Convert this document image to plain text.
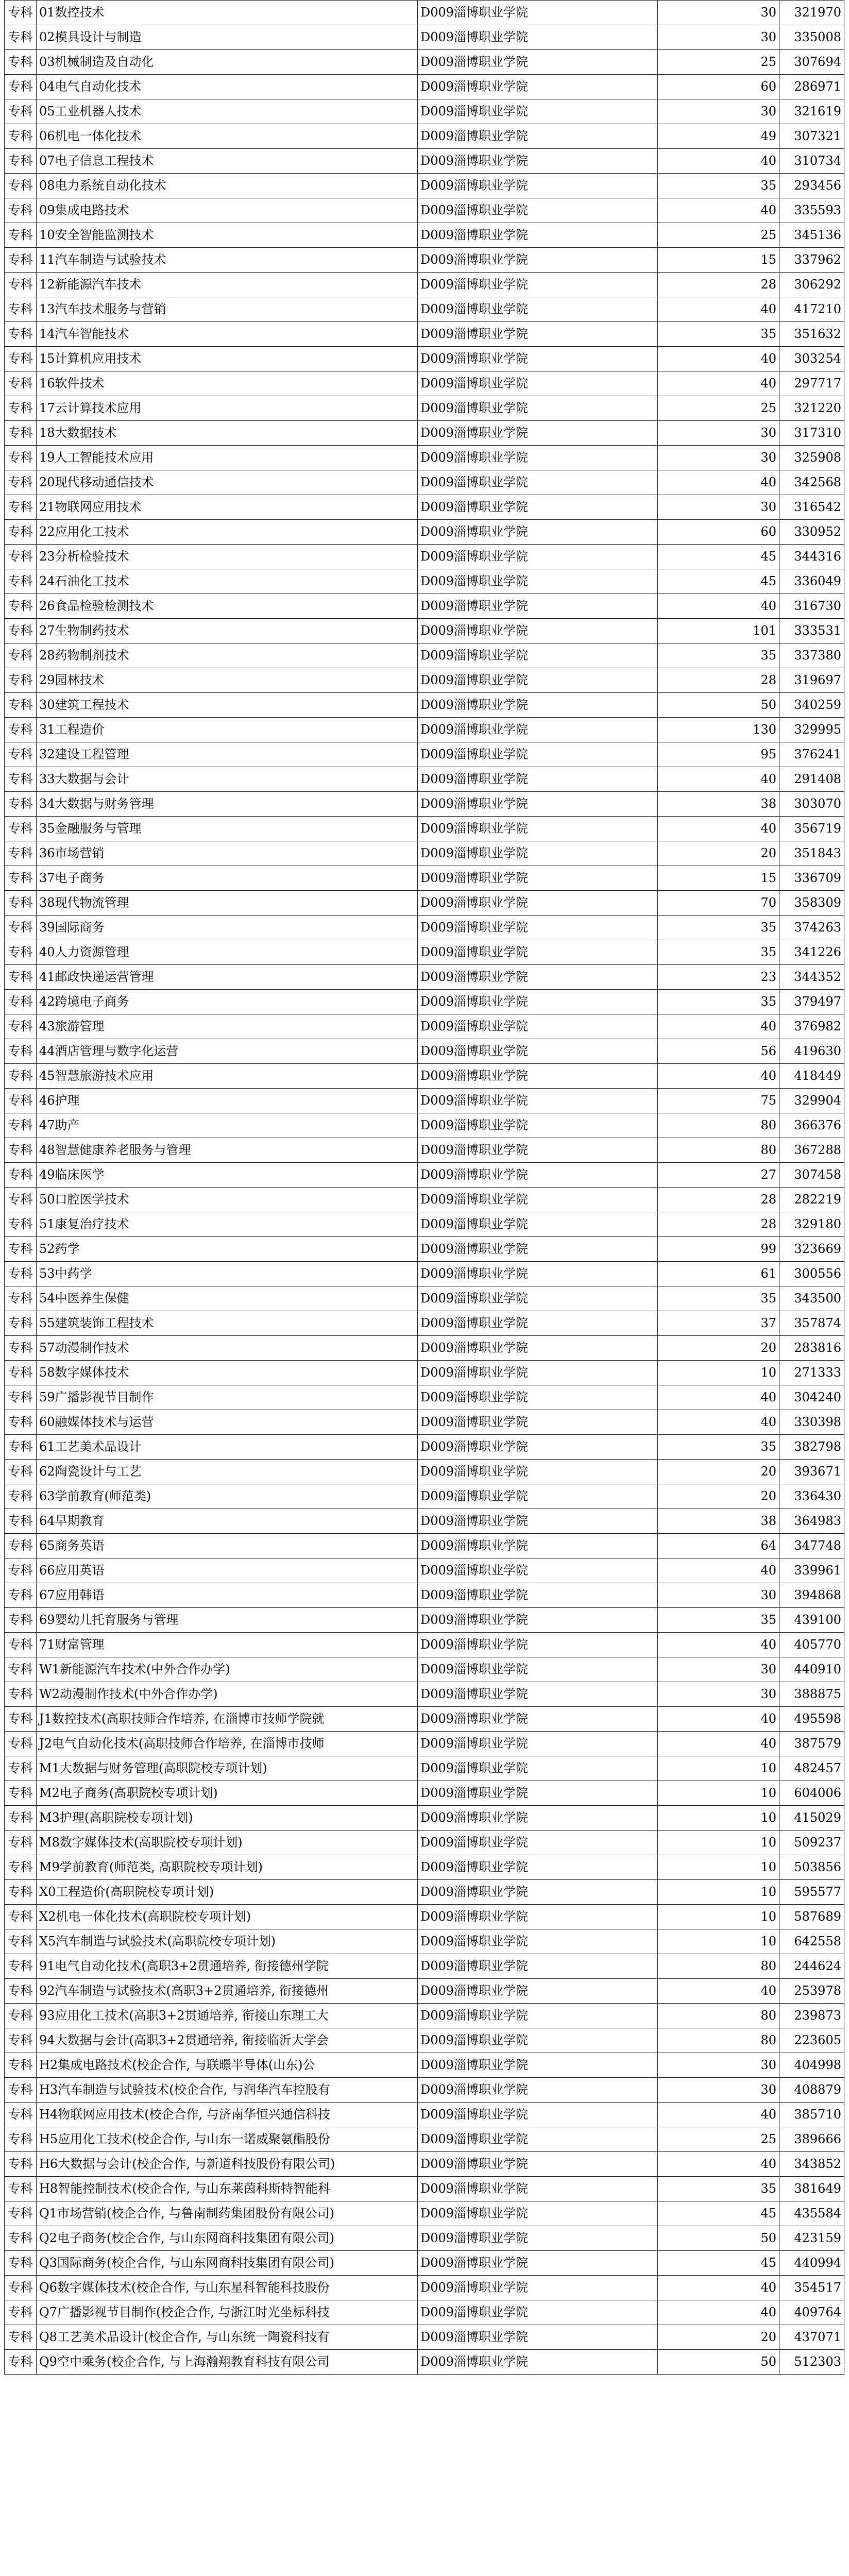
专科	01数控技术	D009淄博职业学院	30	321970
专科	02模具设计与制造	D009淄博职业学院	30	335008
专科	03机械制造及自动化	D009淄博职业学院	25	307694
专科	04电气自动化技术	D009淄博职业学院	60	286971
专科	05工业机器人技术	D009淄博职业学院	30	321619
专科	06机电一体化技术	D009淄博职业学院	49	307321
专科	07电子信息工程技术	D009淄博职业学院	40	310734
专科	08电力系统自动化技术	D009淄博职业学院	35	293456
专科	09集成电路技术	D009淄博职业学院	40	335593
专科	10安全智能监测技术	D009淄博职业学院	25	345136
专科	11汽车制造与试验技术	D009淄博职业学院	15	337962
专科	12新能源汽车技术	D009淄博职业学院	28	306292
专科	13汽车技术服务与营销	D009淄博职业学院	40	417210
专科	14汽车智能技术	D009淄博职业学院	35	351632
专科	15计算机应用技术	D009淄博职业学院	40	303254
专科	16软件技术	D009淄博职业学院	40	297717
专科	17云计算技术应用	D009淄博职业学院	25	321220
专科	18大数据技术	D009淄博职业学院	30	317310
专科	19人工智能技术应用	D009淄博职业学院	30	325908
专科	20现代移动通信技术	D009淄博职业学院	40	342568
专科	21物联网应用技术	D009淄博职业学院	30	316542
专科	22应用化工技术	D009淄博职业学院	60	330952
专科	23分析检验技术	D009淄博职业学院	45	344316
专科	24石油化工技术	D009淄博职业学院	45	336049
专科	26食品检验检测技术	D009淄博职业学院	40	316730
专科	27生物制药技术	D009淄博职业学院	101	333531
专科	28药物制剂技术	D009淄博职业学院	35	337380
专科	29园林技术	D009淄博职业学院	28	319697
专科	30建筑工程技术	D009淄博职业学院	50	340259
专科	31工程造价	D009淄博职业学院	130	329995
专科	32建设工程管理	D009淄博职业学院	95	376241
专科	33大数据与会计	D009淄博职业学院	40	291408
专科	34大数据与财务管理	D009淄博职业学院	38	303070
专科	35金融服务与管理	D009淄博职业学院	40	356719
专科	36市场营销	D009淄博职业学院	20	351843
专科	37电子商务	D009淄博职业学院	15	336709
专科	38现代物流管理	D009淄博职业学院	70	358309
专科	39国际商务	D009淄博职业学院	35	374263
专科	40人力资源管理	D009淄博职业学院	35	341226
专科	41邮政快递运营管理	D009淄博职业学院	23	344352
专科	42跨境电子商务	D009淄博职业学院	35	379497
专科	43旅游管理	D009淄博职业学院	40	376982
专科	44酒店管理与数字化运营	D009淄博职业学院	56	419630
专科	45智慧旅游技术应用	D009淄博职业学院	40	418449
专科	46护理	D009淄博职业学院	75	329904
专科	47助产	D009淄博职业学院	80	366376
专科	48智慧健康养老服务与管理	D009淄博职业学院	80	367288
专科	49临床医学	D009淄博职业学院	27	307458
专科	50口腔医学技术	D009淄博职业学院	28	282219
专科	51康复治疗技术	D009淄博职业学院	28	329180
专科	52药学	D009淄博职业学院	99	323669
专科	53中药学	D009淄博职业学院	61	300556
专科	54中医养生保健	D009淄博职业学院	35	343500
专科	55建筑装饰工程技术	D009淄博职业学院	37	357874
专科	57动漫制作技术	D009淄博职业学院	20	283816
专科	58数字媒体技术	D009淄博职业学院	10	271333
专科	59广播影视节目制作	D009淄博职业学院	40	304240
专科	60融媒体技术与运营	D009淄博职业学院	40	330398
专科	61工艺美术品设计	D009淄博职业学院	35	382798
专科	62陶瓷设计与工艺	D009淄博职业学院	20	393671
专科	63学前教育(师范类)	D009淄博职业学院	20	336430
专科	64早期教育	D009淄博职业学院	38	364983
专科	65商务英语	D009淄博职业学院	64	347748
专科	66应用英语	D009淄博职业学院	40	339961
专科	67应用韩语	D009淄博职业学院	30	394868
专科	69婴幼儿托育服务与管理	D009淄博职业学院	35	439100
专科	71财富管理	D009淄博职业学院	40	405770
专科	W1新能源汽车技术(中外合作办学)	D009淄博职业学院	30	440910
专科	W2动漫制作技术(中外合作办学)	D009淄博职业学院	30	388875
专科	J1数控技术(高职技师合作培养, 在淄博市技师学院就	D009淄博职业学院	40	495598
专科	J2电气自动化技术(高职技师合作培养, 在淄博市技师	D009淄博职业学院	40	387579
专科	M1大数据与财务管理(高职院校专项计划)	D009淄博职业学院	10	482457
专科	M2电子商务(高职院校专项计划)	D009淄博职业学院	10	604006
专科	M3护理(高职院校专项计划)	D009淄博职业学院	10	415029
专科	M8数字媒体技术(高职院校专项计划)	D009淄博职业学院	10	509237
专科	M9学前教育(师范类, 高职院校专项计划)	D009淄博职业学院	10	503856
专科	X0工程造价(高职院校专项计划)	D009淄博职业学院	10	595577
专科	X2机电一体化技术(高职院校专项计划)	D009淄博职业学院	10	587689
专科	X5汽车制造与试验技术(高职院校专项计划)	D009淄博职业学院	10	642558
专科	91电气自动化技术(高职3+2贯通培养, 衔接德州学院	D009淄博职业学院	80	244624
专科	92汽车制造与试验技术(高职3+2贯通培养, 衔接德州	D009淄博职业学院	40	253978
专科	93应用化工技术(高职3+2贯通培养, 衔接山东理工大	D009淄博职业学院	80	239873
专科	94大数据与会计(高职3+2贯通培养, 衔接临沂大学会	D009淄博职业学院	80	223605
专科	H2集成电路技术(校企合作, 与联暻半导体(山东)公	D009淄博职业学院	30	404998
专科	H3汽车制造与试验技术(校企合作, 与润华汽车控股有	D009淄博职业学院	30	408879
专科	H4物联网应用技术(校企合作, 与济南华恒兴通信科技	D009淄博职业学院	40	385710
专科	H5应用化工技术(校企合作, 与山东一诺威聚氨酯股份	D009淄博职业学院	25	389666
专科	H6大数据与会计(校企合作, 与新道科技股份有限公司)	D009淄博职业学院	40	343852
专科	H8智能控制技术(校企合作, 与山东莱茵科斯特智能科	D009淄博职业学院	35	381649
专科	Q1市场营销(校企合作, 与鲁南制药集团股份有限公司)	D009淄博职业学院	45	435584
专科	Q2电子商务(校企合作, 与山东网商科技集团有限公司)	D009淄博职业学院	50	423159
专科	Q3国际商务(校企合作, 与山东网商科技集团有限公司)	D009淄博职业学院	45	440994
专科	Q6数字媒体技术(校企合作, 与山东星科智能科技股份	D009淄博职业学院	40	354517
专科	Q7广播影视节目制作(校企合作, 与浙江时光坐标科技	D009淄博职业学院	40	409764
专科	Q8工艺美术品设计(校企合作, 与山东统一陶瓷科技有	D009淄博职业学院	20	437071
专科	Q9空中乘务(校企合作, 与上海瀚翔教育科技有限公司	D009淄博职业学院	50	512303
